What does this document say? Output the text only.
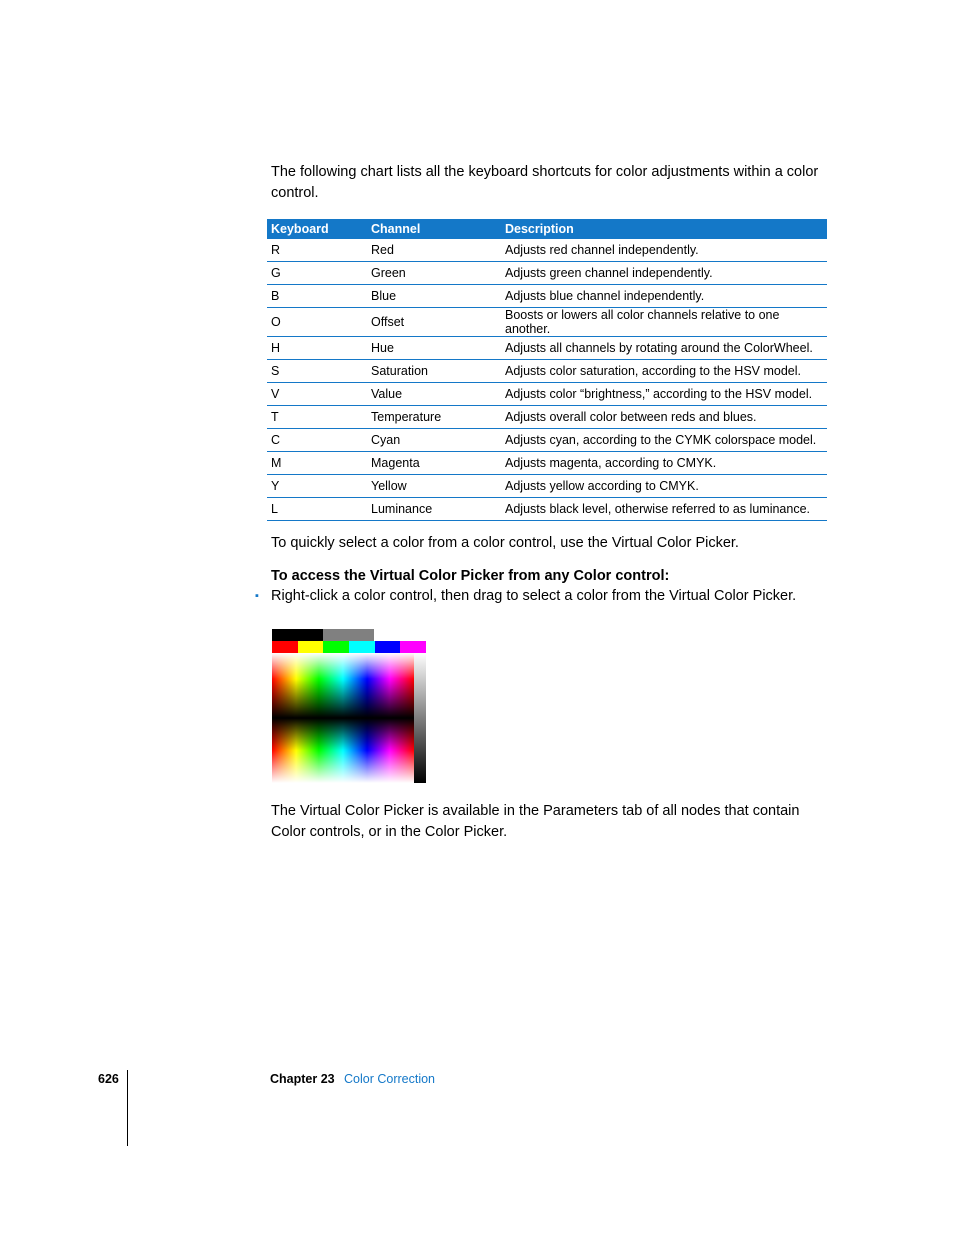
The following chart lists all the keyboard shortcuts for color adjustments within a color control.

Keyboard	Channel	Description
R	Red	Adjusts red channel independently.
G	Green	Adjusts green channel independently.
B	Blue	Adjusts blue channel independently.
O	Offset	Boosts or lowers all color channels relative to one another.
H	Hue	Adjusts all channels by rotating around the ColorWheel.
S	Saturation	Adjusts color saturation, according to the HSV model.
V	Value	Adjusts color “brightness,” according to the HSV model.
T	Temperature	Adjusts overall color between reds and blues.
C	Cyan	Adjusts cyan, according to the CYMK colorspace model.
M	Magenta	Adjusts magenta, according to CMYK.
Y	Yellow	Adjusts yellow according to CMYK.
L	Luminance	Adjusts black level, otherwise referred to as luminance.

To quickly select a color from a color control, use the Virtual Color Picker.

To access the Virtual Color Picker from any Color control:

▪ Right-click a color control, then drag to select a color from the Virtual Color Picker.

The Virtual Color Picker is available in the Parameters tab of all nodes that contain Color controls, or in the Color Picker.

626	Chapter 23 Color Correction
